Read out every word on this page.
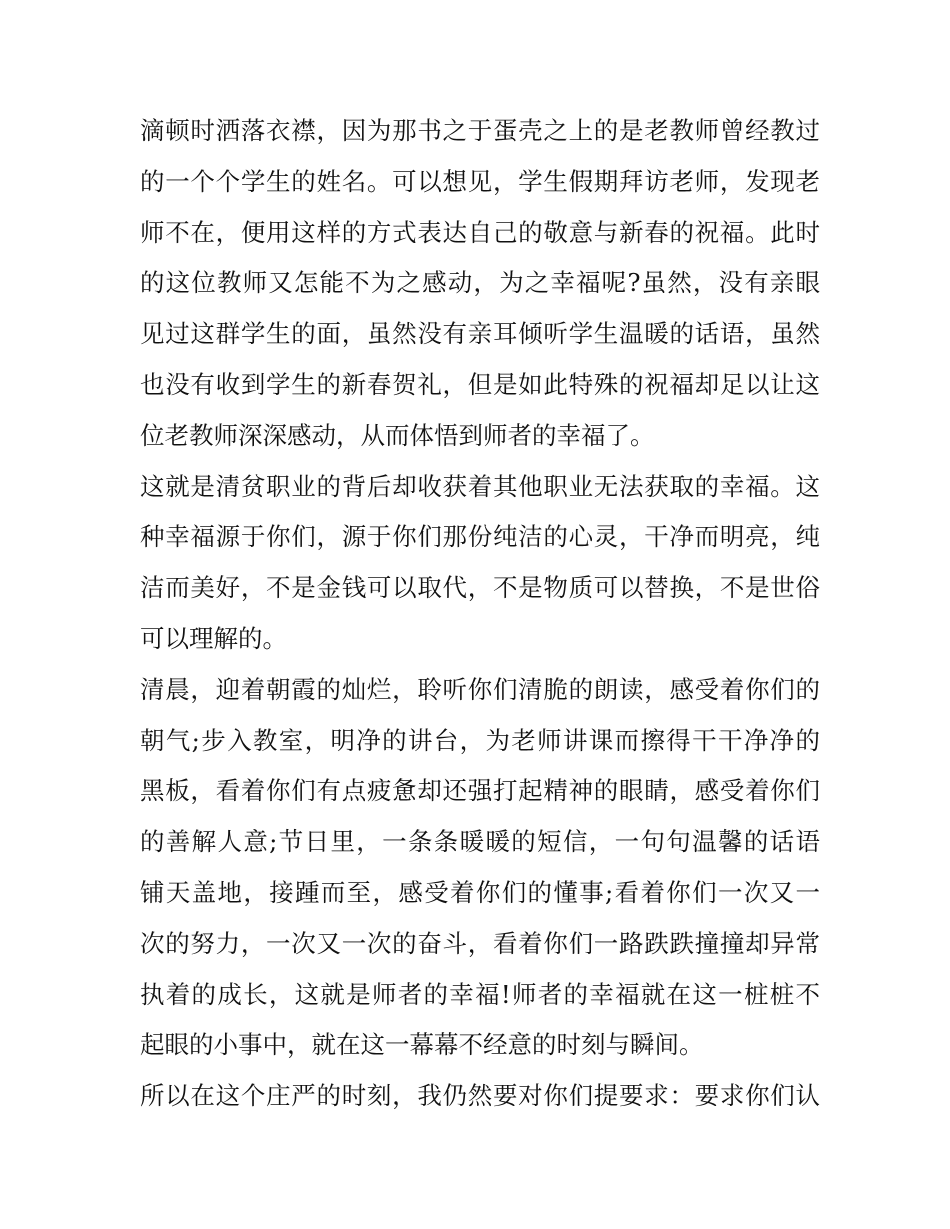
滴顿时洒落衣襟，因为那书之于蛋壳之上的是老教师曾经教过
的一个个学生的姓名。可以想见，学生假期拜访老师，发现老
师不在，便用这样的方式表达自己的敬意与新春的祝福。此时
的这位教师又怎能不为之感动，为之幸福呢?虽然，没有亲眼
见过这群学生的面，虽然没有亲耳倾听学生温暖的话语，虽然
也没有收到学生的新春贺礼，但是如此特殊的祝福却足以让这
位老教师深深感动，从而体悟到师者的幸福了。
这就是清贫职业的背后却收获着其他职业无法获取的幸福。这
种幸福源于你们，源于你们那份纯洁的心灵，干净而明亮，纯
洁而美好，不是金钱可以取代，不是物质可以替换，不是世俗
可以理解的。
清晨，迎着朝霞的灿烂，聆听你们清脆的朗读，感受着你们的
朝气;步入教室，明净的讲台，为老师讲课而擦得干干净净的
黑板，看着你们有点疲惫却还强打起精神的眼睛，感受着你们
的善解人意;节日里，一条条暖暖的短信，一句句温馨的话语
铺天盖地，接踵而至，感受着你们的懂事;看着你们一次又一
次的努力，一次又一次的奋斗，看着你们一路跌跌撞撞却异常
执着的成长，这就是师者的幸福!师者的幸福就在这一桩桩不
起眼的小事中，就在这一幕幕不经意的时刻与瞬间。
所以在这个庄严的时刻，我仍然要对你们提要求：要求你们认
